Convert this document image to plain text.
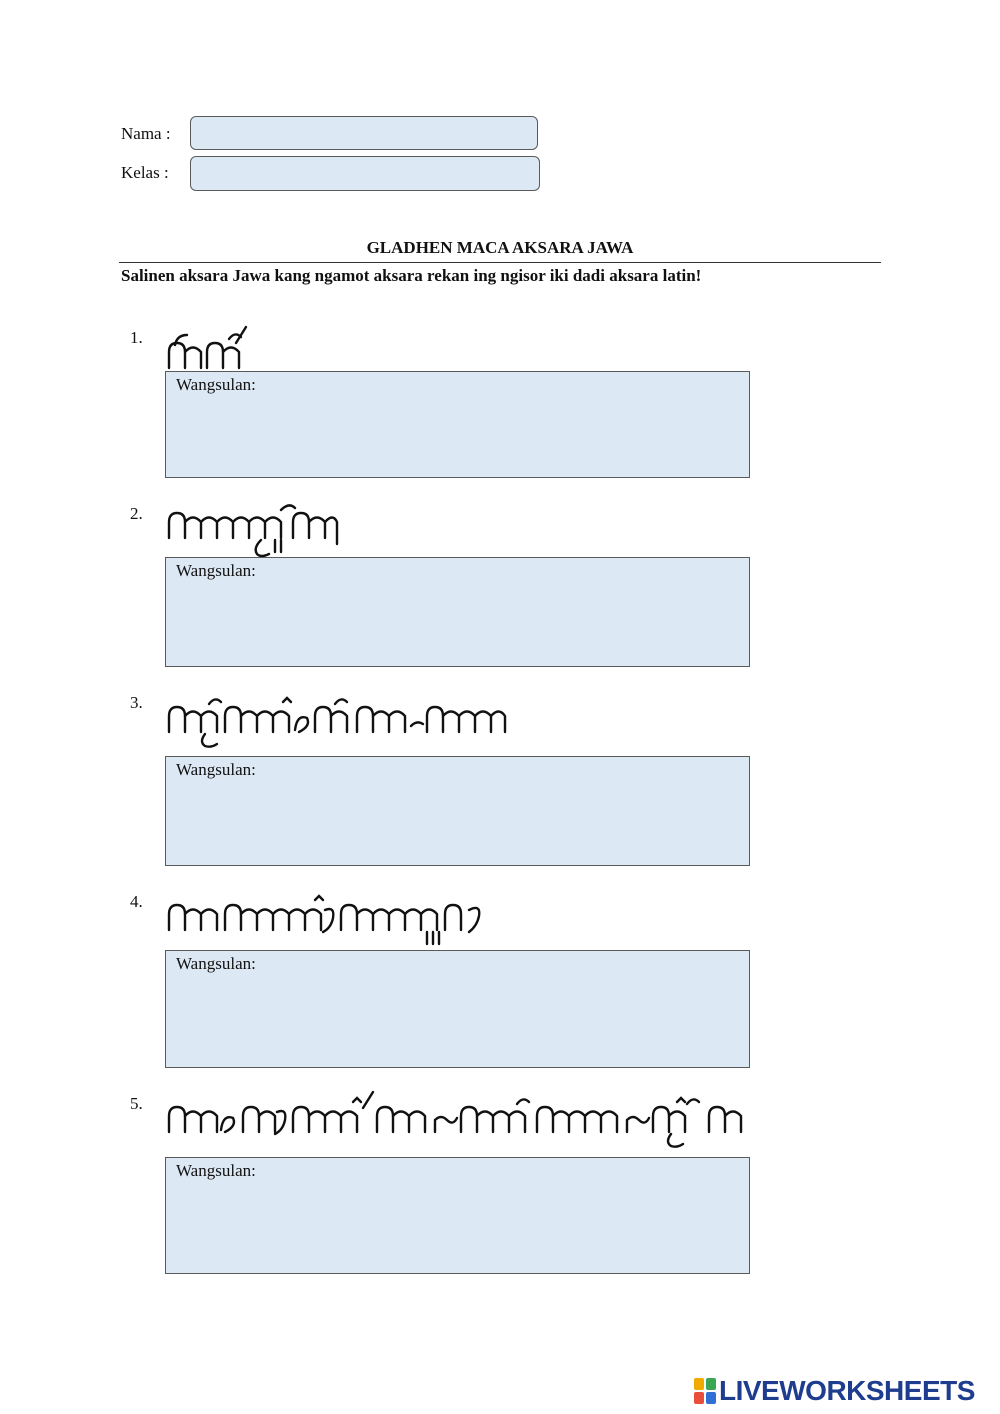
Nama :
Kelas :
GLADHEN MACA AKSARA JAWA
Salinen aksara Jawa kang ngamot aksara rekan ing ngisor iki dadi aksara latin!
1.
Wangsulan:
2.
Wangsulan:
3.
Wangsulan:
4.
Wangsulan:
5.
Wangsulan:
LIVEWORKSHEETS
